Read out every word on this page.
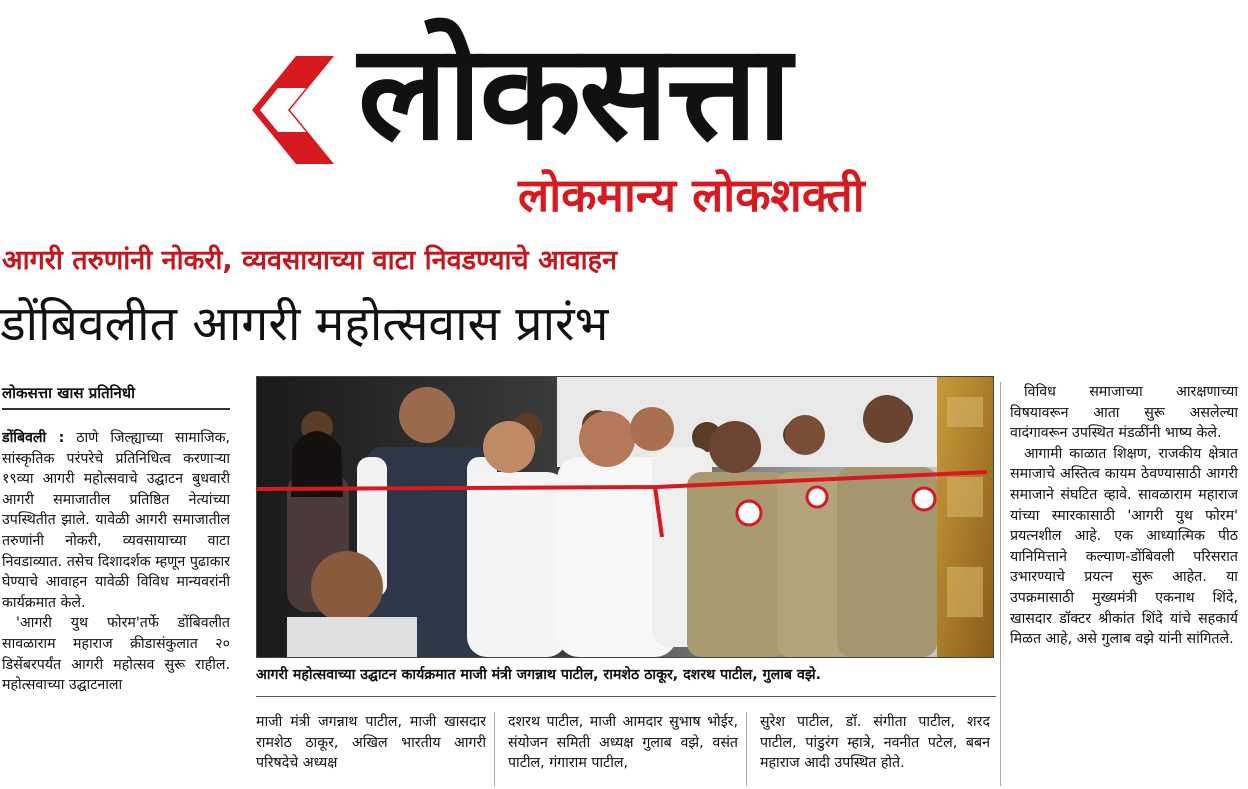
लोकसत्ता
लोकमान्य लोकशक्ती
आगरी तरुणांनी नोकरी, व्यवसायाच्या वाटा निवडण्याचे आवाहन
डोंबिवलीत आगरी महोत्सवास प्रारंभ
लोकसत्ता खास प्रतिनिधी

डोंबिवली : ठाणे जिल्ह्याच्या सामाजिक, सांस्कृतिक परंपरेचे प्रतिनिधित्व करणाऱ्या १९व्या आगरी महोत्सवाचे उद्घाटन बुधवारी आगरी समाजातील प्रतिष्ठित नेत्यांच्या उपस्थितीत झाले. यावेळी आगरी समाजातील तरुणांनी नोकरी, व्यवसायाच्या वाटा निवडाव्यात. तसेच दिशादर्शक म्हणून पुढाकार घेण्याचे आवाहन यावेळी विविध मान्यवरांनी कार्यक्रमात केले.

'आगरी युथ फोरम'तर्फे डोंबिवलीत सावळाराम महाराज क्रीडासंकुलात २० डिसेंबरपर्यंत आगरी महोत्सव सुरू राहील. महोत्सवाच्या उद्घाटनाला

आगरी महोत्सवाच्या उद्घाटन कार्यक्रमात माजी मंत्री जगन्नाथ पाटील, रामशेठ ठाकूर, दशरथ पाटील, गुलाब वझे.

माजी मंत्री जगन्नाथ पाटील, माजी खासदार रामशेठ ठाकूर, अखिल भारतीय आगरी परिषदेचे अध्यक्ष

दशरथ पाटील, माजी आमदार सुभाष भोईर, संयोजन समिती अध्यक्ष गुलाब वझे, वसंत पाटील, गंगाराम पाटील,

सुरेश पाटील, डॉ. संगीता पाटील, शरद पाटील, पांडुरंग म्हात्रे, नवनीत पटेल, बबन महाराज आदी उपस्थित होते.

विविध समाजाच्या आरक्षणाच्या विषयावरून आता सुरू असलेल्या वादंगावरून उपस्थित मंडळींनी भाष्य केले.

आगामी काळात शिक्षण, राजकीय क्षेत्रात समाजाचे अस्तित्व कायम ठेवण्यासाठी आगरी समाजाने संघटित व्हावे. सावळाराम महाराज यांच्या स्मारकासाठी 'आगरी युथ फोरम' प्रयत्नशील आहे. एक आध्यात्मिक पीठ यानिमित्ताने कल्याण-डोंबिवली परिसरात उभारण्याचे प्रयत्न सुरू आहेत. या उपक्रमासाठी मुख्यमंत्री एकनाथ शिंदे, खासदार डॉक्टर श्रीकांत शिंदे यांचे सहकार्य मिळत आहे, असे गुलाब वझे यांनी सांगितले.
